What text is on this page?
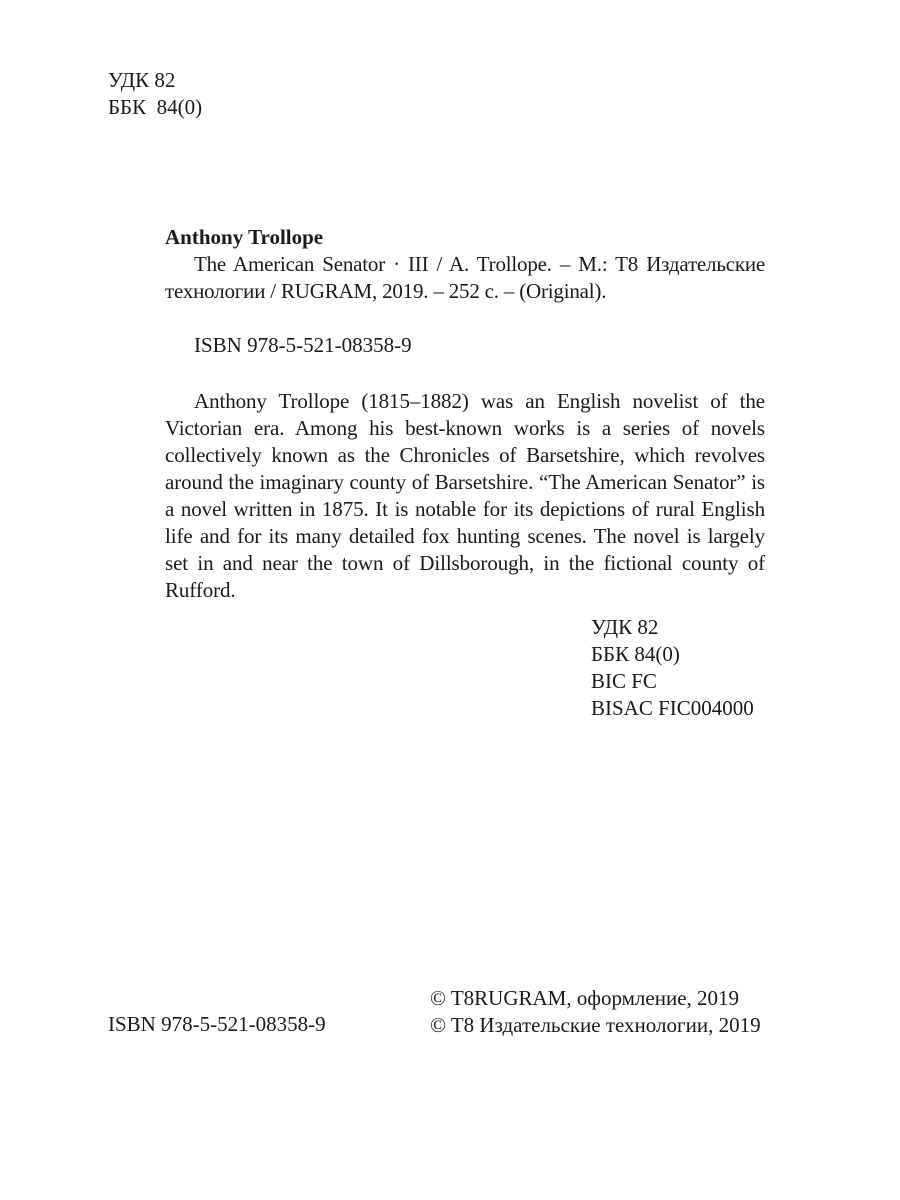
УДК 82
ББК  84(0)
Anthony Trollope

The American Senator · III / A. Trollope. – M.: T8 Издательские технологии / RUGRAM, 2019. – 252 с. – (Original).

ISBN 978-5-521-08358-9

Anthony Trollope (1815–1882) was an English novelist of the Victorian era. Among his best-known works is a series of novels collectively known as the Chronicles of Barsetshire, which revolves around the imaginary county of Barsetshire. “The American Senator” is a novel written in 1875. It is notable for its depictions of rural English life and for its many detailed fox hunting scenes. The novel is largely set in and near the town of Dillsborough, in the fictional county of Rufford.

УДК 82
ББК 84(0)
BIC FC
BISAC FIC004000
ISBN 978-5-521-08358-9
© T8RUGRAM, оформление, 2019
© T8 Издательские технологии, 2019
